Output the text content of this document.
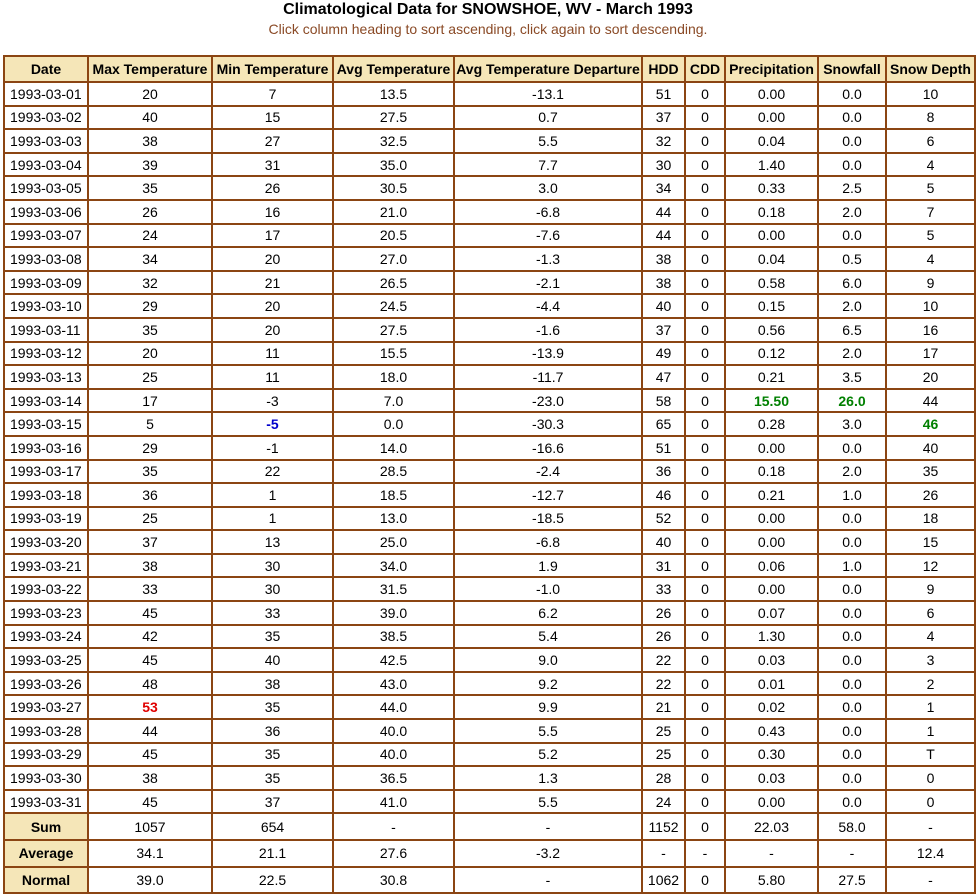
Climatological Data for SNOWSHOE, WV - March 1993
Click column heading to sort ascending, click again to sort descending.
Date	Max Temperature	Min Temperature	Avg Temperature	Avg Temperature Departure	HDD	CDD	Precipitation	Snowfall	Snow Depth
1993-03-01	20	7	13.5	-13.1	51	0	0.00	0.0	10
1993-03-02	40	15	27.5	0.7	37	0	0.00	0.0	8
1993-03-03	38	27	32.5	5.5	32	0	0.04	0.0	6
1993-03-04	39	31	35.0	7.7	30	0	1.40	0.0	4
1993-03-05	35	26	30.5	3.0	34	0	0.33	2.5	5
1993-03-06	26	16	21.0	-6.8	44	0	0.18	2.0	7
1993-03-07	24	17	20.5	-7.6	44	0	0.00	0.0	5
1993-03-08	34	20	27.0	-1.3	38	0	0.04	0.5	4
1993-03-09	32	21	26.5	-2.1	38	0	0.58	6.0	9
1993-03-10	29	20	24.5	-4.4	40	0	0.15	2.0	10
1993-03-11	35	20	27.5	-1.6	37	0	0.56	6.5	16
1993-03-12	20	11	15.5	-13.9	49	0	0.12	2.0	17
1993-03-13	25	11	18.0	-11.7	47	0	0.21	3.5	20
1993-03-14	17	-3	7.0	-23.0	58	0	15.50	26.0	44
1993-03-15	5	-5	0.0	-30.3	65	0	0.28	3.0	46
1993-03-16	29	-1	14.0	-16.6	51	0	0.00	0.0	40
1993-03-17	35	22	28.5	-2.4	36	0	0.18	2.0	35
1993-03-18	36	1	18.5	-12.7	46	0	0.21	1.0	26
1993-03-19	25	1	13.0	-18.5	52	0	0.00	0.0	18
1993-03-20	37	13	25.0	-6.8	40	0	0.00	0.0	15
1993-03-21	38	30	34.0	1.9	31	0	0.06	1.0	12
1993-03-22	33	30	31.5	-1.0	33	0	0.00	0.0	9
1993-03-23	45	33	39.0	6.2	26	0	0.07	0.0	6
1993-03-24	42	35	38.5	5.4	26	0	1.30	0.0	4
1993-03-25	45	40	42.5	9.0	22	0	0.03	0.0	3
1993-03-26	48	38	43.0	9.2	22	0	0.01	0.0	2
1993-03-27	53	35	44.0	9.9	21	0	0.02	0.0	1
1993-03-28	44	36	40.0	5.5	25	0	0.43	0.0	1
1993-03-29	45	35	40.0	5.2	25	0	0.30	0.0	T
1993-03-30	38	35	36.5	1.3	28	0	0.03	0.0	0
1993-03-31	45	37	41.0	5.5	24	0	0.00	0.0	0
Sum	1057	654	-	-	1152	0	22.03	58.0	-
Average	34.1	21.1	27.6	-3.2	-	-	-	-	12.4
Normal	39.0	22.5	30.8	-	1062	0	5.80	27.5	-
